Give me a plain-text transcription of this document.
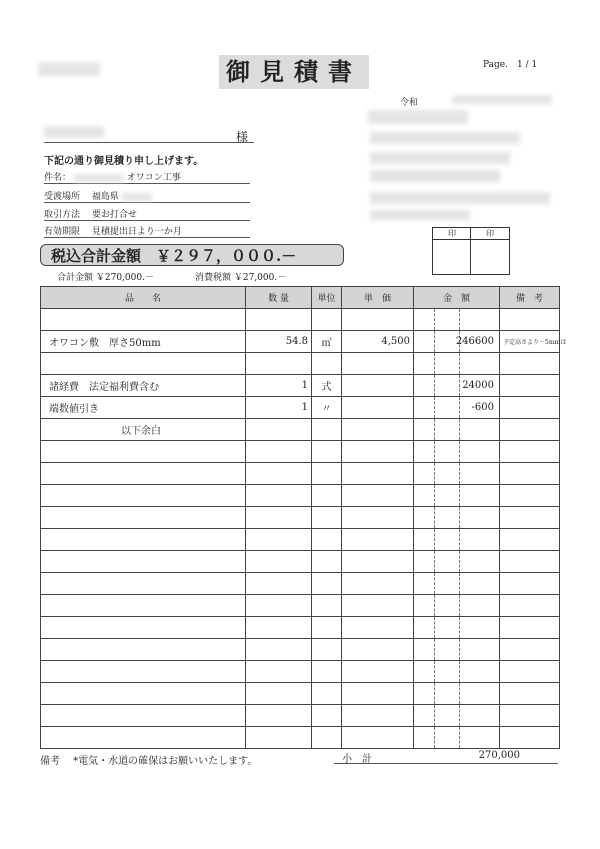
御見積書	Page.　1 / 1
令和
様
下記の通り御見積り申し上げます。
件名：	オワコン工事
受渡場所　 福島県
取引方法　 要お打合せ
有効期限　 見積提出日より一か月	印	印
税込合計金額　￥２９７，０００.－
合計金額 ￥270,000.－	消費税額 ￥27,000.－
品　　名	数 量	単位	単　価	金　額	備　考

オワコン敷　厚さ50mm	54.8	㎡	4,500	246600	予定高さより－5mmは

諸経費　法定福利費含む	1	式		24000	

端数値引き	1	〃		-600	

以下余白				

備考　 *電気・水道の確保はお願いいたします。	小　計	270,000
